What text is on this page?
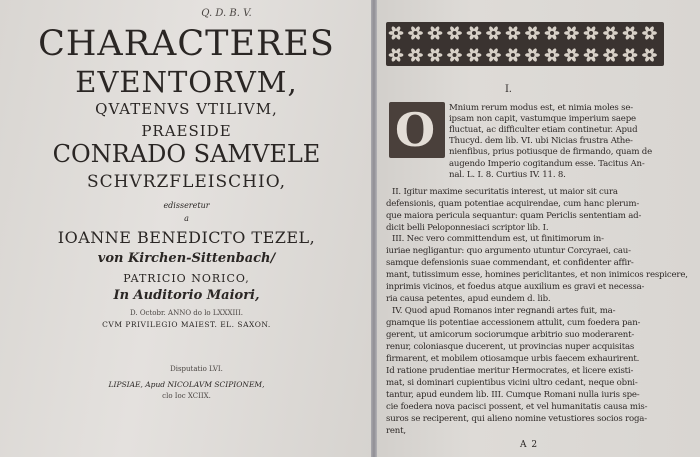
Q. D. B. V.
CHARACTERES
EVENTORVM,
QVATENVS VTILIVM,
PRAESIDE
CONRADO SAMVELE
SCHVRZFLEISCHIO,
edisseretur
a
IOANNE BENEDICTO TEZEL,
von Kirchen-Sittenbach/
PATRICIO NORICO,
In Auditorio Maiori,
D. Octobr. ANNO do lo LXXXIII.
CVM PRIVILEGIO MAIEST. EL. SAXON.
Disputatio LVI.
LIPSIAE, Apud NICOLAVM SCIPIONEM,
clo Ioc XCIIX.
I.
O Mnium rerum modus est, et nimia moles se-
ipsam non capit, vastumque imperium saepe
fluctuat, ac difficulter etiam continetur. Apud
Thucyd. dem lib. VI. ubi Nicias frustra Athe-
nienfibus, prius potiusque de firmando, quam de
augendo Imperio cogitandum esse. Tacitus An-
nal. L. I. 8. Curtius IV. 11. 8.
II. Igitur maxime securitatis interest, ut maior sit cura
defensionis, quam potentiae acquirendae, cum hanc plerum-
que maiora pericula sequantur: quam Periclis sententiam ad-
dicit belli Peloponnesiaci scriptor lib. I.
III. Nec vero committendum est, ut finitimorum in-
iuriae negligantur: quo argumento utuntur Corcyraei, cau-
samque defensionis suae commendant, et confidenter affir-
mant, tutissimum esse, homines periclitantes, et non inimicos respicere,
inprimis vicinos, et foedus atque auxilium es gravi et necessa-
ria causa petentes, apud eundem d. lib.
IV. Quod apud Romanos inter regnandi artes fuit, ma-
gnamque iis potentiae accessionem attulit, cum foedera pan-
gerent, ut amicorum sociorumque arbitrio suo moderarent-
renur, coloniasque ducerent, ut provincias nuper acquisitas
firmarent, et mobilem otiosamque urbis faecem exhaurirent.
Id ratione prudentiae meritur Hermocrates, et licere existi-
mat, si dominari cupientibus vicini ultro cedant, neque obni-
tantur, apud eundem lib. III. Cumque Romani nulla iuris spe-
cie foedera nova pacisci possent, et vel humanitatis causa mis-
suros se reciperent, qui alieno nomine vetustiores socios roga-
rent,
A 2
